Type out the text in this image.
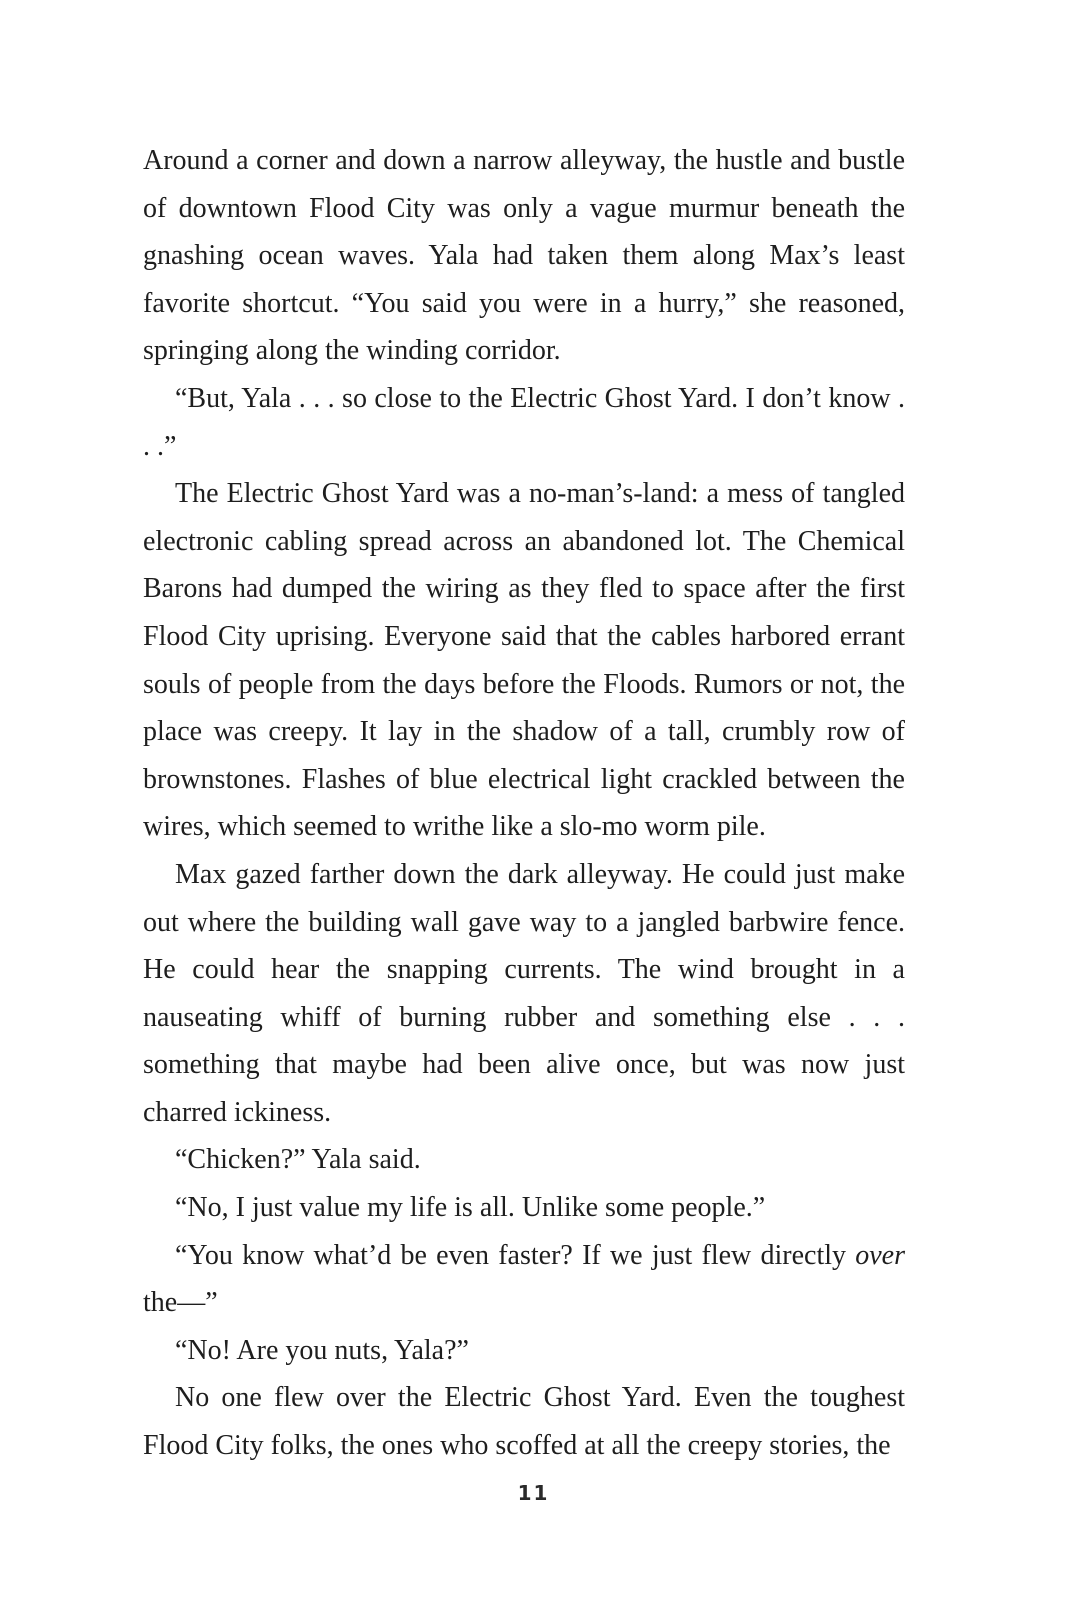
Around a corner and down a narrow alleyway, the hustle and bustle of downtown Flood City was only a vague murmur beneath the gnashing ocean waves. Yala had taken them along Max’s least favorite shortcut. “You said you were in a hurry,” she reasoned, springing along the winding corridor.

“But, Yala . . . so close to the Electric Ghost Yard. I don’t know . . .”

The Electric Ghost Yard was a no-man’s-land: a mess of tangled electronic cabling spread across an abandoned lot. The Chemical Barons had dumped the wiring as they fled to space after the first Flood City uprising. Everyone said that the cables harbored errant souls of people from the days before the Floods. Rumors or not, the place was creepy. It lay in the shadow of a tall, crumbly row of brownstones. Flashes of blue electrical light crackled between the wires, which seemed to writhe like a slo-mo worm pile.

Max gazed farther down the dark alleyway. He could just make out where the building wall gave way to a jangled barbwire fence. He could hear the snapping currents. The wind brought in a nauseating whiff of burning rubber and something else . . . something that maybe had been alive once, but was now just charred ickiness.

“Chicken?” Yala said.

“No, I just value my life is all. Unlike some people.”

“You know what’d be even faster? If we just flew directly over the—”

“No! Are you nuts, Yala?”

No one flew over the Electric Ghost Yard. Even the toughest Flood City folks, the ones who scoffed at all the creepy stories, the

11
